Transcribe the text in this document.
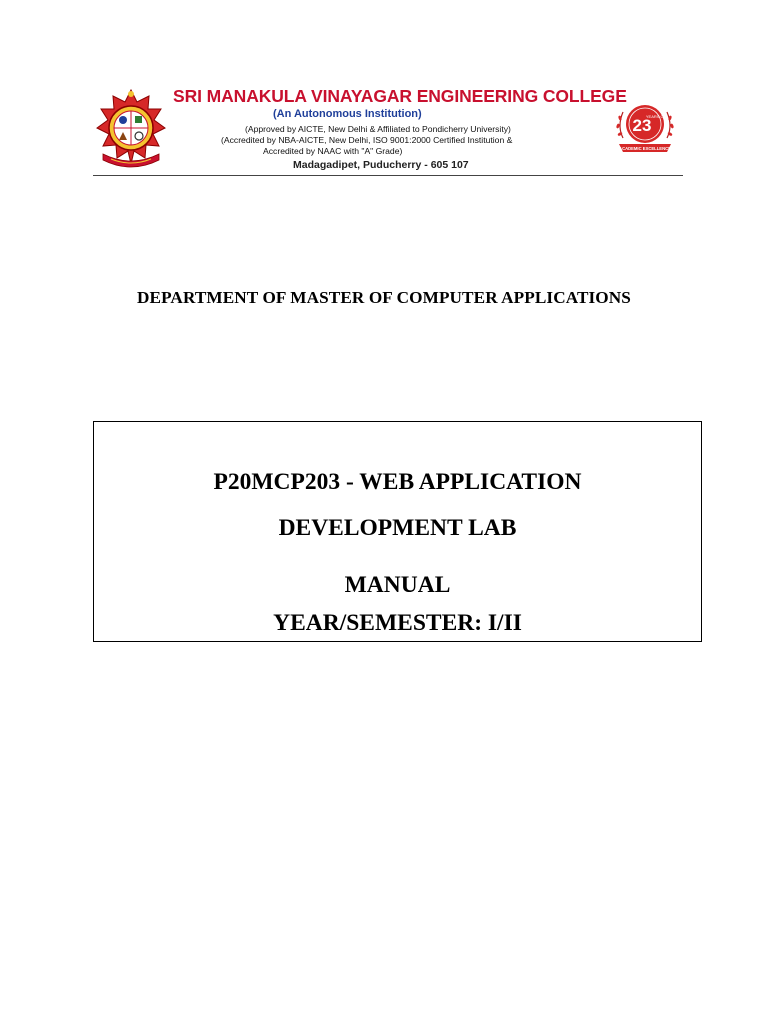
SRI MANAKULA VINAYAGAR ENGINEERING COLLEGE
(An Autonomous Institution)
(Approved by AICTE, New Delhi & Affiliated to Pondicherry University)
(Accredited by NBA-AICTE, New Delhi, ISO 9001:2000 Certified Institution &
Accredited by NAAC with "A" Grade)
Madagadipet, Puducherry - 605 107
23
YEARS OF
ACADEMIC EXCELLENCE
DEPARTMENT OF MASTER OF COMPUTER APPLICATIONS
P20MCP203 - WEB APPLICATION
DEVELOPMENT LAB
MANUAL
YEAR/SEMESTER: I/II
